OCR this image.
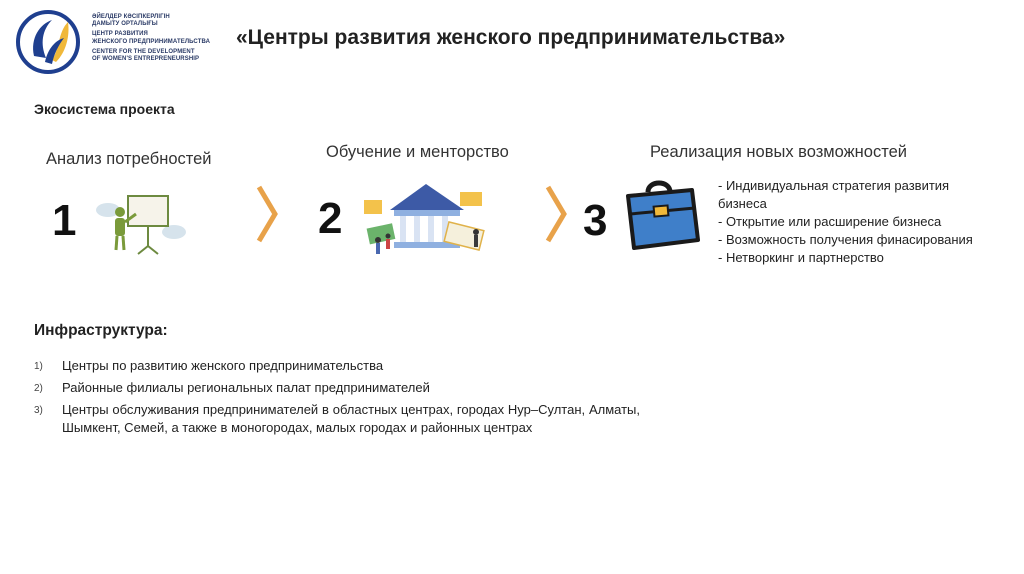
ӘЙЕЛДЕР КӘСІПКЕРЛІГІН
ДАМЫТУ ОРТАЛЫҒЫ
ЦЕНТР РАЗВИТИЯ
ЖЕНСКОГО ПРЕДПРИНИМАТЕЛЬСТВА
CENTER FOR THE DEVELOPMENT
OF WOMEN'S ENTREPRENEURSHIP
«Центры развития женского предпринимательства»
Экосистема проекта
Анализ потребностей
1
Обучение и менторство
2
Реализация новых возможностей
3
- Индивидуальная стратегия развития бизнеса
- Открытие или расширение бизнеса
- Возможность получения финасирования
- Нетворкинг и партнерство
Инфраструктура:
1) Центры по развитию женского предпринимательства
2) Районные филиалы региональных палат предпринимателей
3) Центры обслуживания предпринимателей в областных центрах, городах Нур–Султан, Алматы, Шымкент, Семей, а также в моногородах, малых городах и районных центрах
